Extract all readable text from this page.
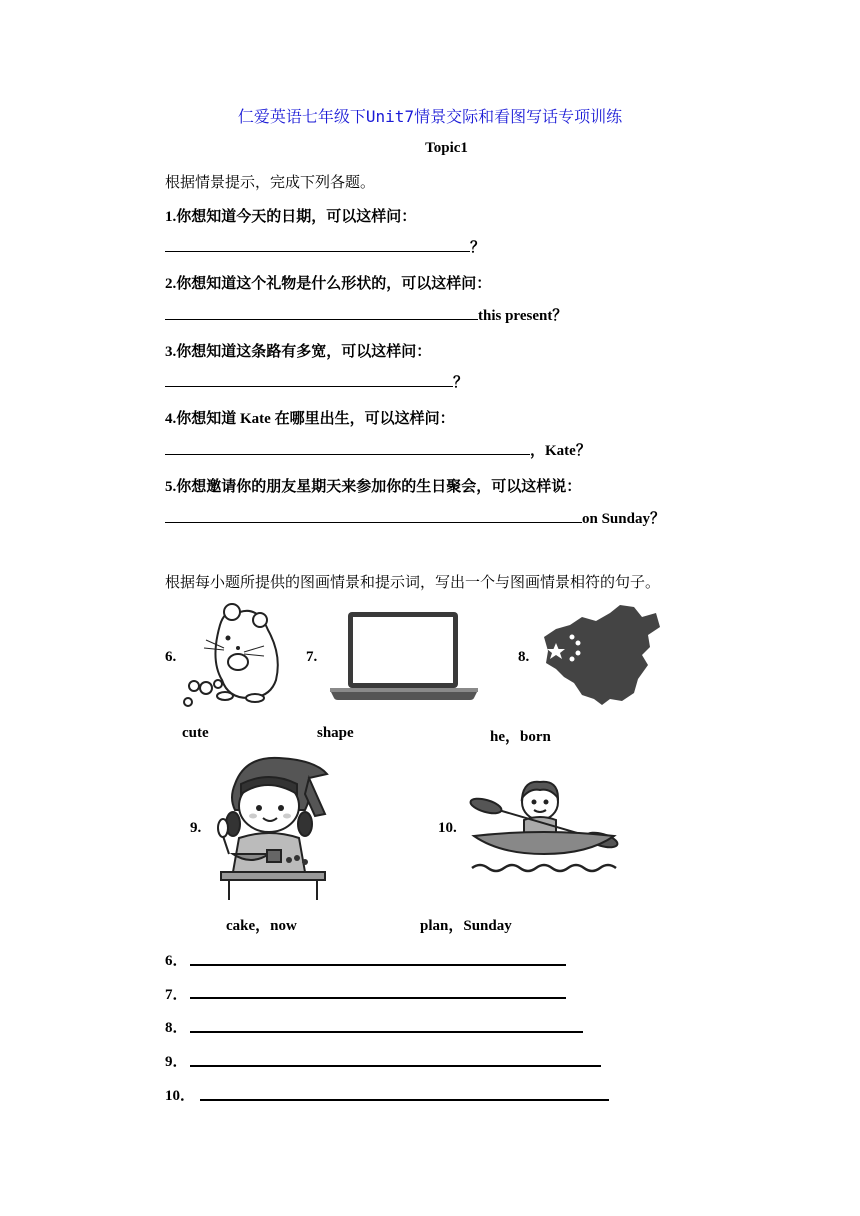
仁爱英语七年级下Unit7情景交际和看图写话专项训练
Topic1
根据情景提示，完成下列各题。
1.你想知道今天的日期，可以这样问：
？
2.你想知道这个礼物是什么形状的，可以这样问：
this present？
3.你想知道这条路有多宽，可以这样问：
？
4.你想知道 Kate 在哪里出生，可以这样问：
，Kate？
5.你想邀请你的朋友星期天来参加你的生日聚会，可以这样说：
on Sunday？
根据每小题所提供的图画情景和提示词，写出一个与图画情景相符的句子。
6.	7.	8.
cute	shape	he，born
9.	10.
cake，now	plan，Sunday
6．
7．
8．
9．
10．
